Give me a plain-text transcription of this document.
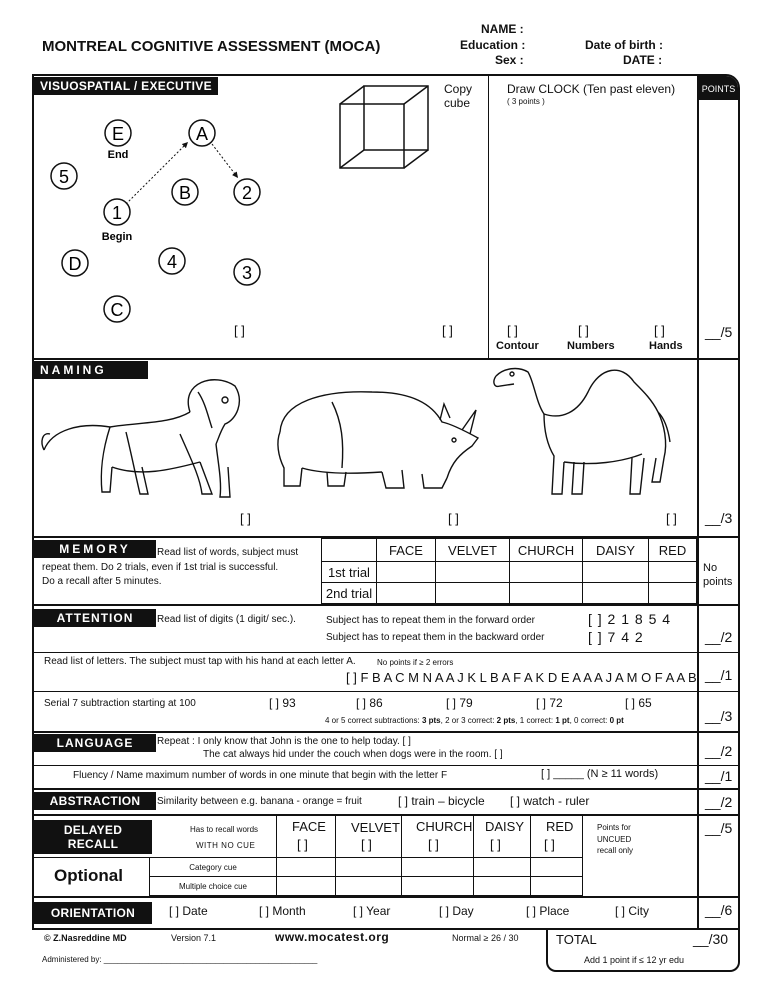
MONTREAL COGNITIVE ASSESSMENT (MOCA)
NAME :
Education :
Sex :
Date of birth :
DATE :
POINTS
VISUOSPATIAL / EXECUTIVE
E	A
5
B	2
1
D	4
3
C
End
Begin
Copy
cube
Draw CLOCK (Ten past eleven)
( 3 points )
[ ]	[ ]	[ ]	[ ]	[ ]
Contour	Numbers	Hands
__/5
NAMING
[ ]	[ ]	[ ] __/3
MEMORY	Read list of words, subject must
repeat them. Do 2 trials, even if 1st trial is successful.
Do a recall after 5 minutes.
FACE	VELVET	CHURCH	DAISY	RED
1st trial
2nd trial
No
points
ATTENTION	Read list of digits (1 digit/ sec.).	Subject has to repeat them in the forward order	[ ] 2 1 8 5 4
Subject has to repeat them in the backward order	[ ] 7 4 2	__/2
Read list of letters. The subject must tap with his hand at each letter A.	No points if ≥ 2 errors
[ ] F B A C M N A A J K L B A F A K D E A A A J A M O F A A B __/1
Serial 7 subtraction starting at 100	[ ] 93	[ ] 86	[ ] 79	[ ] 72	[ ] 65
4 or 5 correct subtractions: 3 pts, 2 or 3 correct: 2 pts, 1 correct: 1 pt, 0 correct: 0 pt	__/3
LANGUAGE	Repeat : I only know that John is the one to help today. [ ]
The cat always hid under the couch when dogs were in the room. [ ]	__/2
Fluency / Name maximum number of words in one minute that begin with the letter F	[ ] _____ (N ≥ 11 words)	__/1
ABSTRACTION	Similarity between e.g. banana - orange = fruit	[ ] train – bicycle [ ] watch - ruler	__/2
DELAYED RECALL
Has to recall words
WITH NO CUE
Category cue
Multiple choice cue
FACE VELVET CHURCH DAISY RED
[ ]	[ ]	[ ]	[ ]	[ ]
Points for
UNCUED
recall only
__/5
Optional
ORIENTATION	[ ] Date	[ ] Month	[ ] Year	[ ] Day	[ ] Place	[ ] City	__/6
© Z.Nasreddine MD	Version 7.1	www.mocatest.org	Normal ≥ 26 / 30	TOTAL	__/30
Add 1 point if ≤ 12 yr edu
Administered by: ________________________________________________
